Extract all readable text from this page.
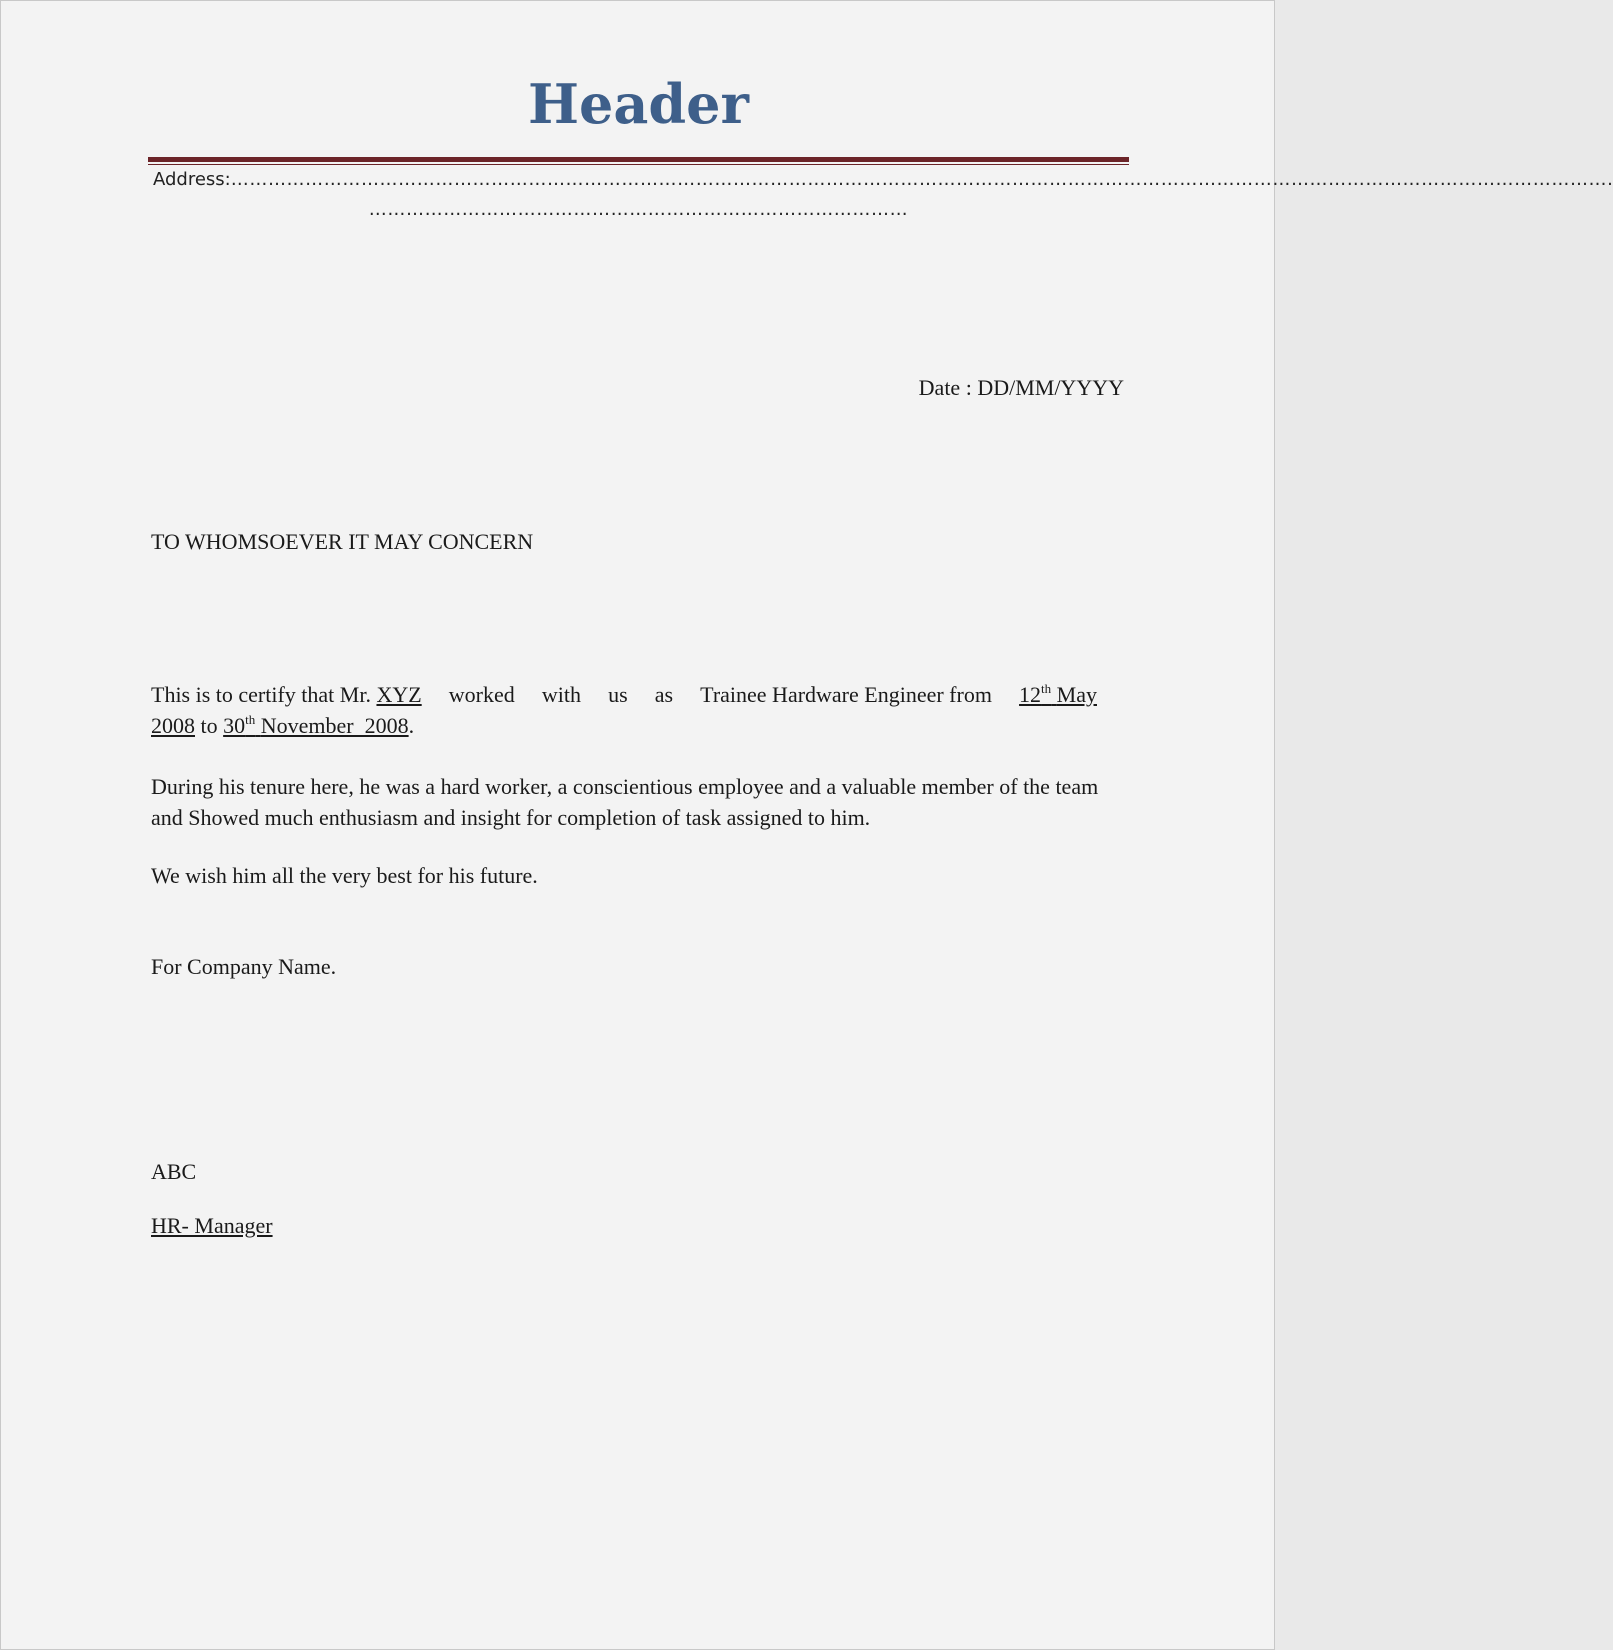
Header
Address:…………………………………………………………………………………………………………………………………………………………………………………………………….
……………………………………………………………………………
Date : DD/MM/YYYY
TO WHOMSOEVER IT MAY CONCERN
This is to certify that Mr. XYZ worked with us as Trainee Hardware Engineer from 12th May
2008 to 30th November  2008.
During his tenure here, he was a hard worker, a conscientious employee and a valuable member of the team and Showed much enthusiasm and insight for completion of task assigned to him.
We wish him all the very best for his future.
For Company Name.
ABC
HR- Manager
